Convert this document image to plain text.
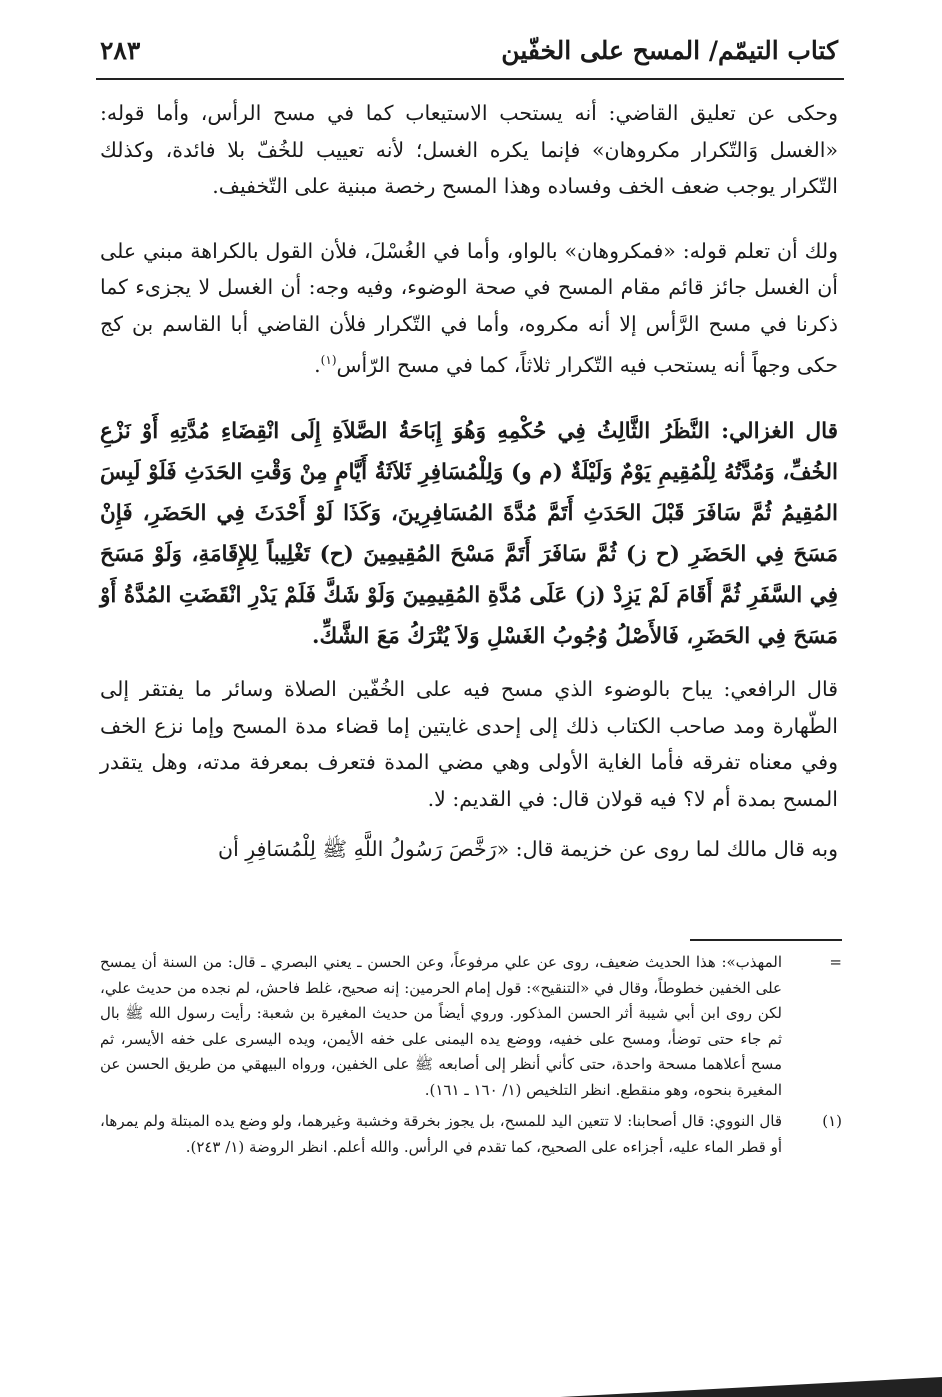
كتاب التيمّم/ المسح على الخفّين
٢٨٣

وحكى عن تعليق القاضي: أنه يستحب الاستيعاب كما في مسح الرأس، وأما قوله: «الغسل وَالتّكرار مكروهان» فإنما يكره الغسل؛ لأنه تعييب للخُفّ بلا فائدة، وكذلك التّكرار يوجب ضعف الخف وفساده وهذا المسح رخصة مبنية على التّخفيف.

ولك أن تعلم قوله: «فمكروهان» بالواو، وأما في الغُسْلَ، فلأن القول بالكراهة مبني على أن الغسل جائز قائم مقام المسح في صحة الوضوء، وفيه وجه: أن الغسل لا يجزىء كما ذكرنا في مسح الرَّأس إلا أنه مكروه، وأما في التّكرار فلأن القاضي أبا القاسم بن كج حكى وجهاً أنه يستحب فيه التّكرار ثلاثاً، كما في مسح الرّأس$^{(١)}$.

قال الغزالي: النَّظَرُ الثَّالِثُ فِي حُكْمِهِ وَهُوَ إِبَاحَةُ الصَّلاَةِ إِلَى انْقِضَاءِ مُدَّتِهِ أَوْ نَزْعِ الخُفِّ، وَمُدَّتُهُ لِلْمُقِيمِ يَوْمٌ وَلَيْلَةٌ (م و) وَلِلْمُسَافِرِ ثَلاَثَةُ أَيَّامٍ مِنْ وَقْتِ الحَدَثِ فَلَوْ لَبِسَ المُقِيمُ ثُمَّ سَافَرَ قَبْلَ الحَدَثِ أَتَمَّ مُدَّةَ المُسَافِرِينَ، وَكَذَا لَوْ أَحْدَثَ فِي الحَضَرِ، فَإِنْ مَسَحَ فِي الحَضَرِ (ح ز) ثُمَّ سَافَرَ أَتَمَّ مَسْحَ المُقِيمِينَ (ح) تَغْلِيباً لِلإِقَامَةِ، وَلَوْ مَسَحَ فِي السَّفَرِ ثُمَّ أَقَامَ لَمْ يَزِدْ (ز) عَلَى مُدَّةِ المُقِيمِينَ وَلَوْ شَكَّ فَلَمْ يَدْرِ انْقَضَتِ المُدَّةُ أَوْ مَسَحَ فِي الحَضَرِ، فَالأَصْلُ وُجُوبُ الغَسْلِ وَلاَ يُتْرَكُ مَعَ الشَّكِّ.

قال الرافعي: يباح بالوضوء الذي مسح فيه على الخُفّين الصلاة وسائر ما يفتقر إلى الطّهارة ومد صاحب الكتاب ذلك إلى إحدى غايتين إما قضاء مدة المسح وإما نزع الخف وفي معناه تفرقه فأما الغاية الأولى وهي مضي المدة فتعرف بمعرفة مدته، وهل يتقدر المسح بمدة أم لا؟ فيه قولان قال: في القديم: لا.

وبه قال مالك لما روى عن خزيمة قال: «رَخَّصَ رَسُولُ اللَّهِ ﷺ لِلْمُسَافِرِ أن

=
المهذب»: هذا الحديث ضعيف، روى عن علي مرفوعاً، وعن الحسن ـ يعني البصري ـ قال: من السنة أن يمسح على الخفين خطوطاً، وقال في «التنقيح»: قول إمام الحرمين: إنه صحيح، غلط فاحش، لم نجده من حديث علي، لكن روى ابن أبي شيبة أثر الحسن المذكور. وروي أيضاً من حديث المغيرة بن شعبة: رأيت رسول الله ﷺ بال ثم جاء حتى توضأ، ومسح على خفيه، ووضع يده اليمنى على خفه الأيمن، ويده اليسرى على خفه الأيسر، ثم مسح أعلاهما مسحة واحدة، حتى كأني أنظر إلى أصابعه ﷺ على الخفين، ورواه البيهقي من طريق الحسن عن المغيرة بنحوه، وهو منقطع. انظر التلخيص (١/ ١٦٠ ـ ١٦١).

(١)
قال النووي: قال أصحابنا: لا تتعين اليد للمسح، بل يجوز بخرقة وخشبة وغيرهما، ولو وضع يده المبتلة ولم يمرها، أو قطر الماء عليه، أجزاءه على الصحيح، كما تقدم في الرأس. والله أعلم. انظر الروضة (١/ ٢٤٣).
